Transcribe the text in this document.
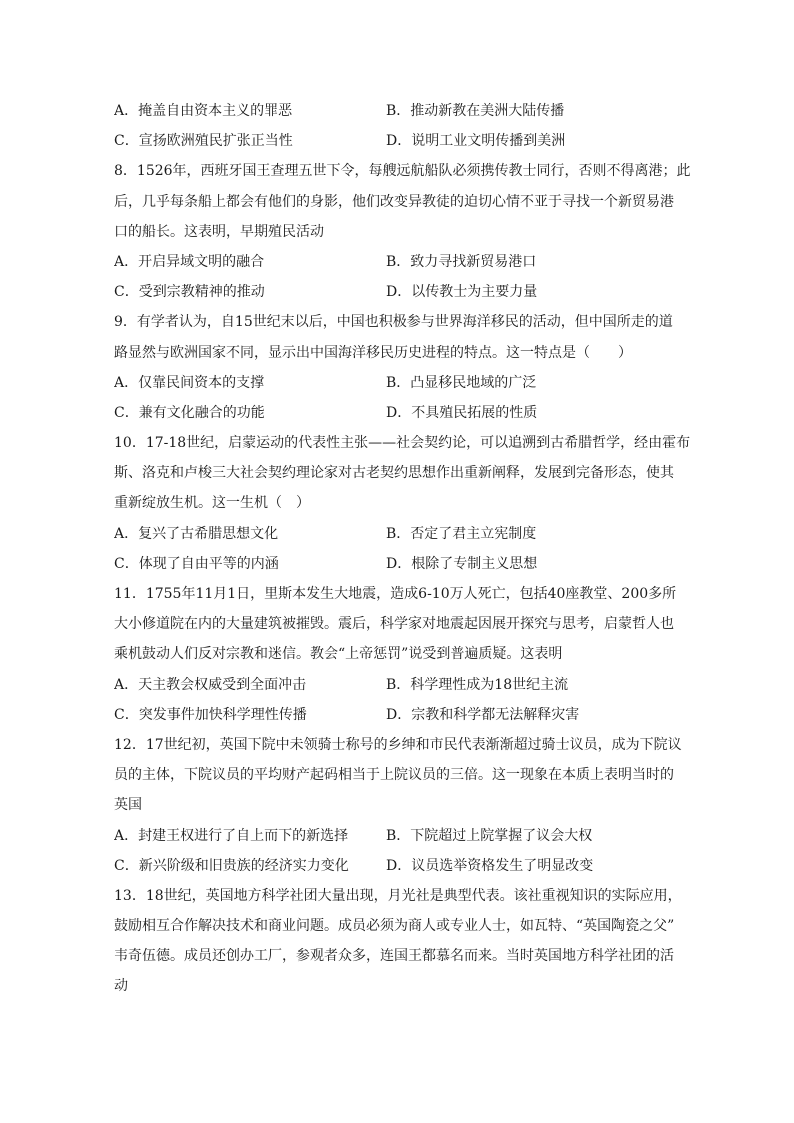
A．掩盖自由资本主义的罪恶	B．推动新教在美洲大陆传播
C．宣扬欧洲殖民扩张正当性	D．说明工业文明传播到美洲
8．1526年，西班牙国王查理五世下令，每艘远航船队必须携传教士同行，否则不得离港；此
后，几乎每条船上都会有他们的身影，他们改变异教徒的迫切心情不亚于寻找一个新贸易港
口的船长。这表明，早期殖民活动
A．开启异域文明的融合	B．致力寻找新贸易港口
C．受到宗教精神的推动	D．以传教士为主要力量
9．有学者认为，自15世纪末以后，中国也积极参与世界海洋移民的活动，但中国所走的道
路显然与欧洲国家不同，显示出中国海洋移民历史进程的特点。这一特点是（　　）
A．仅靠民间资本的支撑	B．凸显移民地域的广泛
C．兼有文化融合的功能	D．不具殖民拓展的性质
10．17-18世纪，启蒙运动的代表性主张——社会契约论，可以追溯到古希腊哲学，经由霍布
斯、洛克和卢梭三大社会契约理论家对古老契约思想作出重新阐释，发展到完备形态，使其
重新绽放生机。这一生机（　）
A．复兴了古希腊思想文化	B．否定了君主立宪制度
C．体现了自由平等的内涵	D．根除了专制主义思想
11．1755年11月1日，里斯本发生大地震，造成6-10万人死亡，包括40座教堂、200多所
大小修道院在内的大量建筑被摧毁。震后，科学家对地震起因展开探究与思考，启蒙哲人也
乘机鼓动人们反对宗教和迷信。教会“上帝惩罚”说受到普遍质疑。这表明
A．天主教会权威受到全面冲击	B．科学理性成为18世纪主流
C．突发事件加快科学理性传播	D．宗教和科学都无法解释灾害
12．17世纪初，英国下院中未领骑士称号的乡绅和市民代表渐渐超过骑士议员，成为下院议
员的主体，下院议员的平均财产起码相当于上院议员的三倍。这一现象在本质上表明当时的
英国
A．封建王权进行了自上而下的新选择	B．下院超过上院掌握了议会大权
C．新兴阶级和旧贵族的经济实力变化	D．议员选举资格发生了明显改变
13．18世纪，英国地方科学社团大量出现，月光社是典型代表。该社重视知识的实际应用，
鼓励相互合作解决技术和商业问题。成员必须为商人或专业人士，如瓦特、“英国陶瓷之父”
韦奇伍德。成员还创办工厂，参观者众多，连国王都慕名而来。当时英国地方科学社团的活
动
